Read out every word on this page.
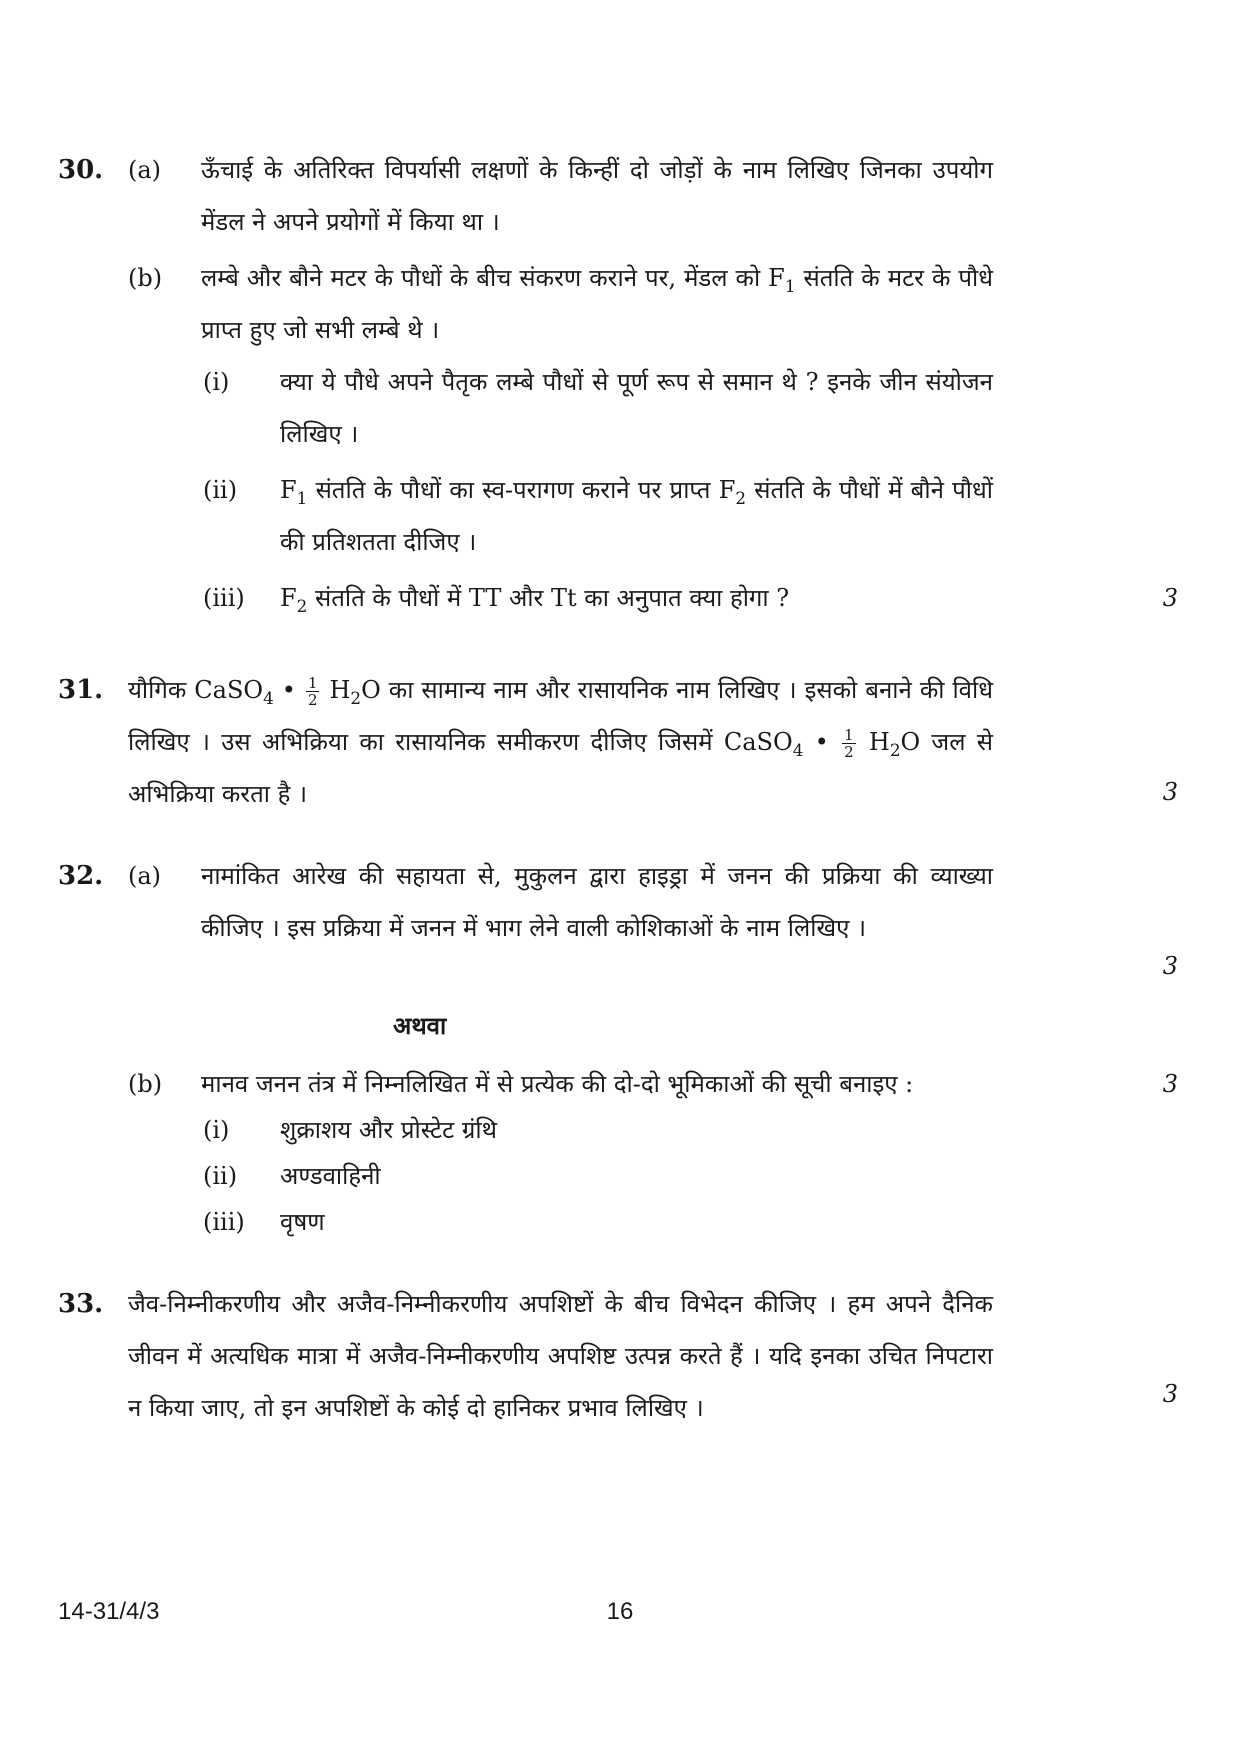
30.	(a) ऊँचाई के अतिरिक्त विपर्यासी लक्षणों के किन्हीं दो जोड़ों के नाम लिखिए जिनका उपयोग मेंडल ने अपने प्रयोगों में किया था ।
(b) लम्बे और बौने मटर के पौधों के बीच संकरण कराने पर, मेंडल को $F_1$ संतति के मटर के पौधे प्राप्त हुए जो सभी लम्बे थे ।
(i) क्या ये पौधे अपने पैतृक लम्बे पौधों से पूर्ण रूप से समान थे ? इनके जीन संयोजन लिखिए ।
(ii) $F_1$ संतति के पौधों का स्व-परागण कराने पर प्राप्त $F_2$ संतति के पौधों में बौने पौधों की प्रतिशतता दीजिए ।
(iii) $F_2$ संतति के पौधों में TT और Tt का अनुपात क्या होगा ?	3
31.	यौगिक CaSO$_4$ • $\frac{1}{2} H_2O$ का सामान्य नाम और रासायनिक नाम लिखिए । इसको बनाने की विधि लिखिए । उस अभिक्रिया का रासायनिक समीकरण दीजिए जिसमें CaSO$_4$ • $\frac{1}{2} H_2O$ जल से अभिक्रिया करता है ।	3
32.	(a) नामांकित आरेख की सहायता से, मुकुलन द्वारा हाइड्रा में जनन की प्रक्रिया की व्याख्या कीजिए । इस प्रक्रिया में जनन में भाग लेने वाली कोशिकाओं के नाम लिखिए ।
3
अथवा
(b) मानव जनन तंत्र में निम्नलिखित में से प्रत्येक की दो-दो भूमिकाओं की सूची बनाइए :	3
(i) शुक्राशय और प्रोस्टेट ग्रंथि
(ii) अण्डवाहिनी
(iii) वृषण
33.	जैव-निम्नीकरणीय और अजैव-निम्नीकरणीय अपशिष्टों के बीच विभेदन कीजिए । हम अपने दैनिक जीवन में अत्यधिक मात्रा में अजैव-निम्नीकरणीय अपशिष्ट उत्पन्न करते हैं । यदि इनका उचित निपटारा न किया जाए, तो इन अपशिष्टों के कोई दो हानिकर प्रभाव लिखिए ।	3
14-31/4/3	16
